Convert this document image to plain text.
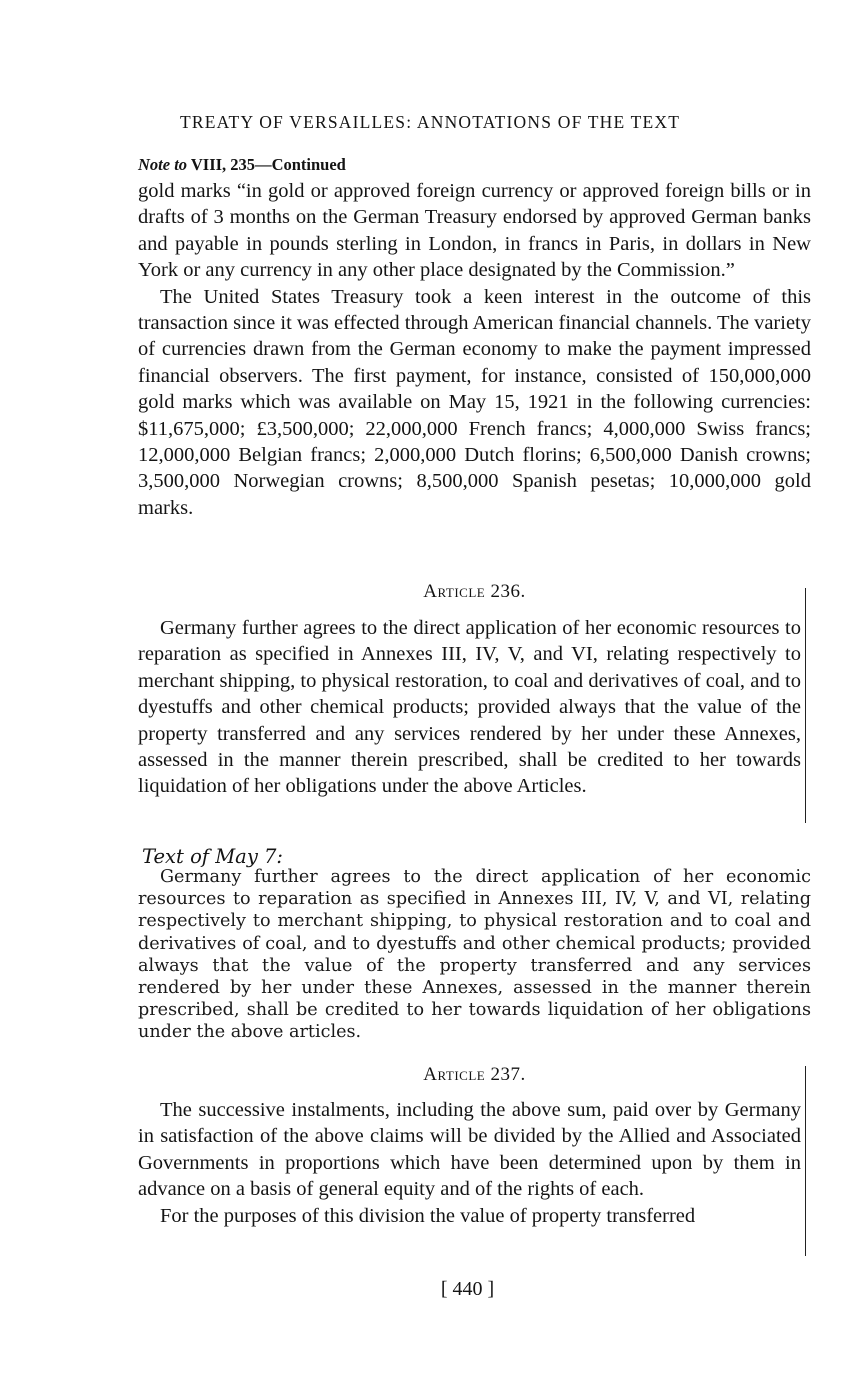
TREATY OF VERSAILLES: ANNOTATIONS OF THE TEXT
Note to VIII, 235—Continued

gold marks “in gold or approved foreign currency or approved foreign bills or in drafts of 3 months on the German Treasury endorsed by approved German banks and payable in pounds sterling in London, in francs in Paris, in dollars in New York or any currency in any other place designated by the Commission.”

The United States Treasury took a keen interest in the outcome of this transaction since it was effected through American financial channels. The variety of currencies drawn from the German economy to make the payment impressed financial observers. The first payment, for instance, consisted of 150,000,000 gold marks which was available on May 15, 1921 in the following currencies: $11,675,000; £3,500,000; 22,000,000 French francs; 4,000,000 Swiss francs; 12,000,000 Belgian francs; 2,000,000 Dutch florins; 6,500,000 Danish crowns; 3,500,000 Norwegian crowns; 8,500,000 Spanish pesetas; 10,000,000 gold marks.

Article 236.

Germany further agrees to the direct application of her economic resources to reparation as specified in Annexes III, IV, V, and VI, relating respectively to merchant shipping, to physical restoration, to coal and derivatives of coal, and to dyestuffs and other chemical products; provided always that the value of the property transferred and any services rendered by her under these Annexes, assessed in the manner therein prescribed, shall be credited to her towards liquidation of her obligations under the above Articles.

Text of May 7:

Germany further agrees to the direct application of her economic resources to reparation as specified in Annexes III, IV, V, and VI, relating respectively to merchant shipping, to physical restoration and to coal and derivatives of coal, and to dyestuffs and other chemical products; provided always that the value of the property transferred and any services rendered by her under these Annexes, assessed in the manner therein prescribed, shall be credited to her towards liquidation of her obligations under the above articles.

Article 237.

The successive instalments, including the above sum, paid over by Germany in satisfaction of the above claims will be divided by the Allied and Associated Governments in proportions which have been determined upon by them in advance on a basis of general equity and of the rights of each.

For the purposes of this division the value of property transferred

[ 440 ]
